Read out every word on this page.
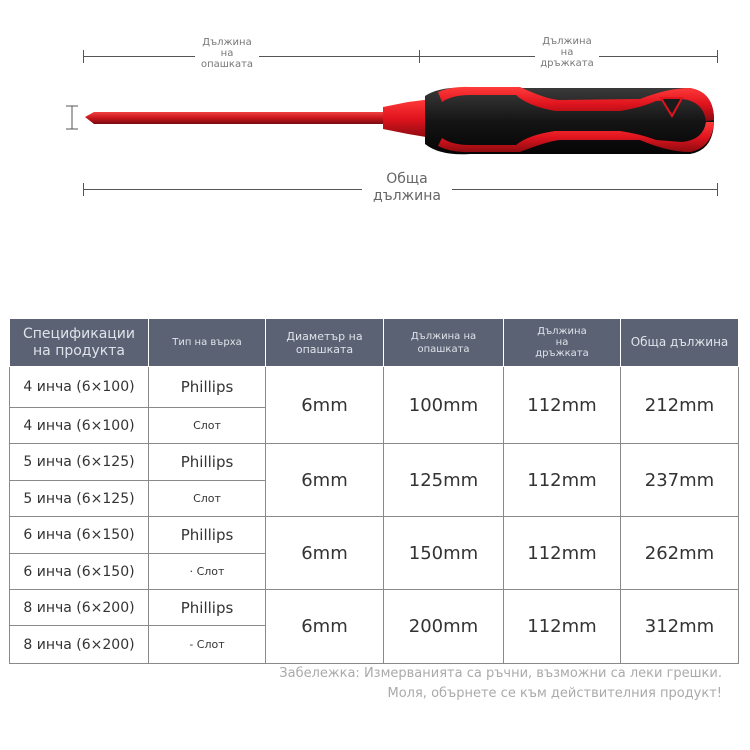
Дължина
на
опашката
Дължина
на
дръжката
Обща
дължина
Спецификации на продукта	Тип на върха	Диаметър на опашката	Дължина на опашката	Дължина
на
дръжката	Обща дължина
4 инча (6×100)	Phillips	6mm	100mm	112mm	212mm
4 инча (6×100)	Слот				
5 инча (6×125)	Phillips	6mm	125mm	112mm	237mm
5 инча (6×125)	Слот				
6 инча (6×150)	Phillips	6mm	150mm	112mm	262mm
6 инча (6×150)	· Слот				
8 инча (6×200)	Phillips	6mm	200mm	112mm	312mm
8 инча (6×200)	- Слот				
Забележка: Измерванията са ръчни, възможни са леки грешки. Моля, обърнете се към действителния продукт!
